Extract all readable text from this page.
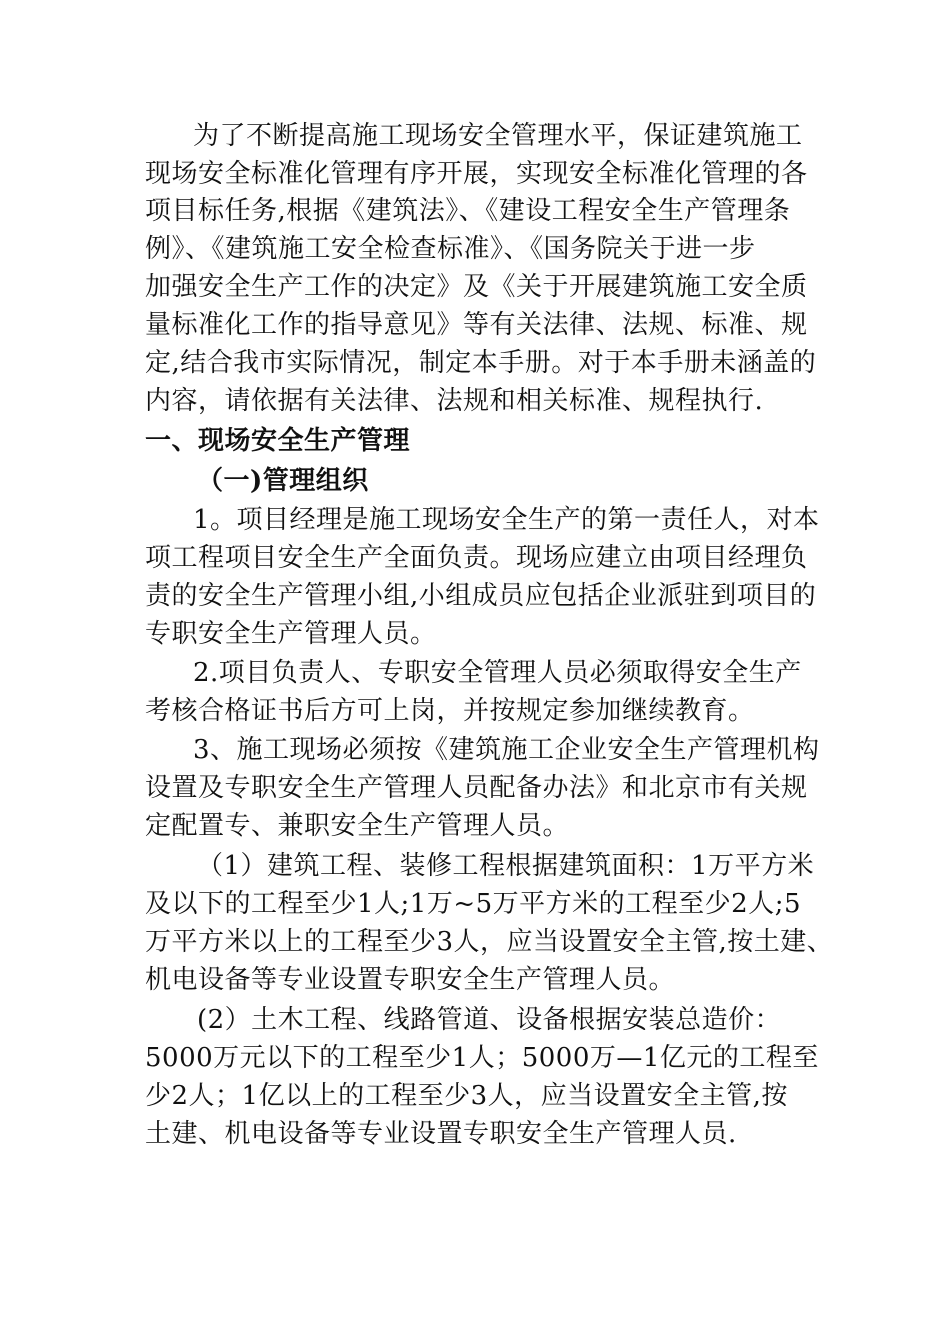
为了不断提高施工现场安全管理水平，保证建筑施工
现场安全标准化管理有序开展，实现安全标准化管理的各
项目标任务,根据《建筑法》、《建设工程安全生产管理条
例》、《建筑施工安全检查标准》、《国务院关于进一步
加强安全生产工作的决定》及《关于开展建筑施工安全质
量标准化工作的指导意见》等有关法律、法规、标准、规
定,结合我市实际情况，制定本手册。对于本手册未涵盖的
内容，请依据有关法律、法规和相关标准、规程执行.
一、现场安全生产管理
（一)管理组织
1。项目经理是施工现场安全生产的第一责任人，对本
项工程项目安全生产全面负责。现场应建立由项目经理负
责的安全生产管理小组,小组成员应包括企业派驻到项目的
专职安全生产管理人员。
2.项目负责人、专职安全管理人员必须取得安全生产
考核合格证书后方可上岗，并按规定参加继续教育。
3、施工现场必须按《建筑施工企业安全生产管理机构
设置及专职安全生产管理人员配备办法》和北京市有关规
定配置专、兼职安全生产管理人员。
（1）建筑工程、装修工程根据建筑面积：1万平方米
及以下的工程至少1人;1万~5万平方米的工程至少2人;5
万平方米以上的工程至少3人，应当设置安全主管,按土建、
机电设备等专业设置专职安全生产管理人员。
(2）土木工程、线路管道、设备根据安装总造价：
5000万元以下的工程至少1人；5000万—1亿元的工程至
少2人；1亿以上的工程至少3人，应当设置安全主管,按
土建、机电设备等专业设置专职安全生产管理人员.
